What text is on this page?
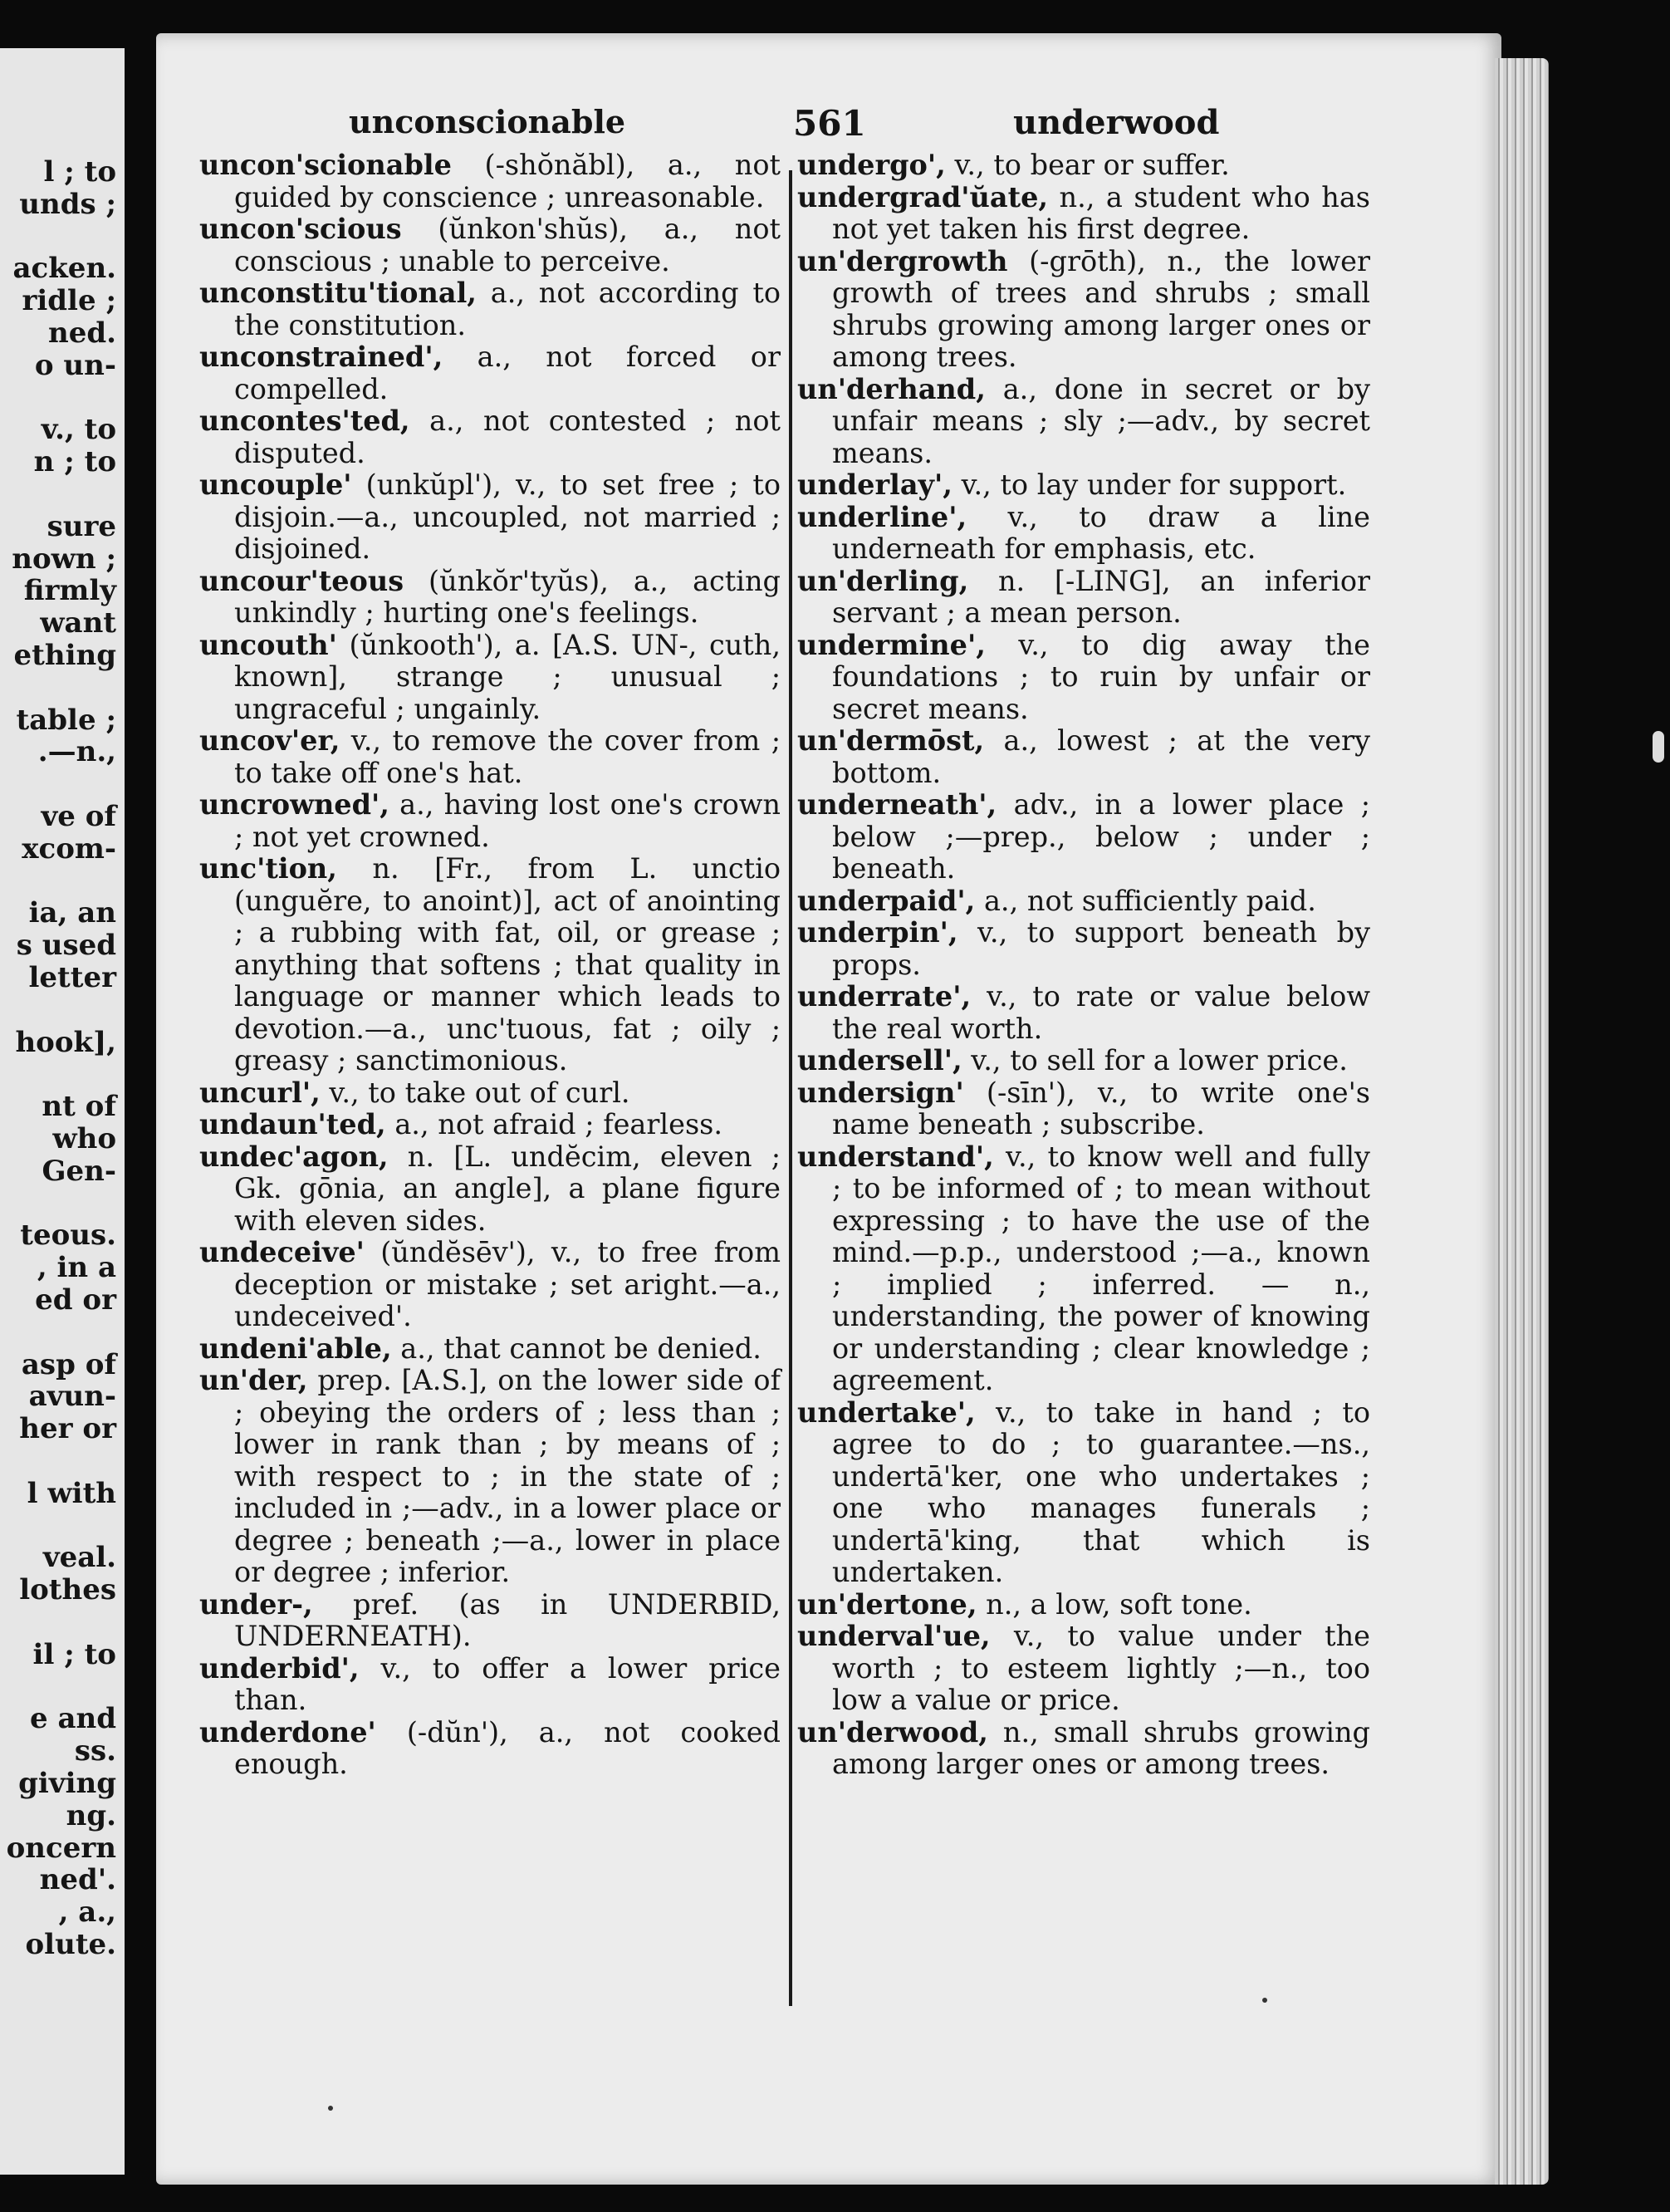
l ; to
unds ;
acken.
ridle ;
ned.
o un-
v., to
n ; to
sure
nown ;
firmly
want
ething
table ;
.—n.,
ve of
xcom-
ia, an
s used
letter
hook],
nt of
who
Gen-
teous.
, in a
ed or
asp of
avun-
her or
l with
veal.
lothes
il ; to
e and
ss.
giving
ng.
oncern
ned'.
, a.,
olute.
unconscionable	561	underwood
uncon'scionable (-shŏnăbl), a., not guided by conscience ; unreasonable.
uncon'scious (ŭnkon'shŭs), a., not conscious ; unable to perceive.
unconstitu'tional, a., not according to the constitution.
unconstrained', a., not forced or compelled.
uncontes'ted, a., not contested ; not disputed.
uncouple' (unkŭpl'), v., to set free ; to disjoin.—a., uncoupled, not married ; disjoined.
uncour'teous (ŭnkŏr'tyŭs), a., acting unkindly ; hurting one's feelings.
uncouth' (ŭnkooth'), a. [A.S. UN-, cuth, known], strange ; unusual ; ungraceful ; ungainly.
uncov'er, v., to remove the cover from ; to take off one's hat.
uncrowned', a., having lost one's crown ; not yet crowned.
unc'tion, n. [Fr., from L. unctio (unguĕre, to anoint)], act of anointing ; a rubbing with fat, oil, or grease ; anything that softens ; that quality in language or manner which leads to devotion.—a., unc'tuous, fat ; oily ; greasy ; sanctimonious.
uncurl', v., to take out of curl.
undaun'ted, a., not afraid ; fearless.
undec'agon, n. [L. undĕcim, eleven ; Gk. gōnia, an angle], a plane figure with eleven sides.
undeceive' (ŭndĕsēv'), v., to free from deception or mistake ; set aright.—a., undeceived'.
undeni'able, a., that cannot be denied.
un'der, prep. [A.S.], on the lower side of ; obeying the orders of ; less than ; lower in rank than ; by means of ; with respect to ; in the state of ; included in ;—adv., in a lower place or degree ; beneath ;—a., lower in place or degree ; inferior.
under-, pref. (as in UNDERBID, UNDERNEATH).
underbid', v., to offer a lower price than.
underdone' (-dŭn'), a., not cooked enough.
undergo', v., to bear or suffer.
undergrad'ŭate, n., a student who has not yet taken his first degree.
un'dergrowth (-grōth), n., the lower growth of trees and shrubs ; small shrubs growing among larger ones or among trees.
un'derhand, a., done in secret or by unfair means ; sly ;—adv., by secret means.
underlay', v., to lay under for support.
underline', v., to draw a line underneath for emphasis, etc.
un'derling, n. [-LING], an inferior servant ; a mean person.
undermine', v., to dig away the foundations ; to ruin by unfair or secret means.
un'dermōst, a., lowest ; at the very bottom.
underneath', adv., in a lower place ; below ;—prep., below ; under ; beneath.
underpaid', a., not sufficiently paid.
underpin', v., to support beneath by props.
underrate', v., to rate or value below the real worth.
undersell', v., to sell for a lower price.
undersign' (-sīn'), v., to write one's name beneath ; subscribe.
understand', v., to know well and fully ; to be informed of ; to mean without expressing ; to have the use of the mind.—p.p., understood ;—a., known ; implied ; inferred. — n., understanding, the power of knowing or understanding ; clear knowledge ; agreement.
undertake', v., to take in hand ; to agree to do ; to guarantee.—ns., undertā'ker, one who undertakes ; one who manages funerals ; undertā'king, that which is undertaken.
un'dertone, n., a low, soft tone.
underval'ue, v., to value under the worth ; to esteem lightly ;—n., too low a value or price.
un'derwood, n., small shrubs growing among larger ones or among trees.
